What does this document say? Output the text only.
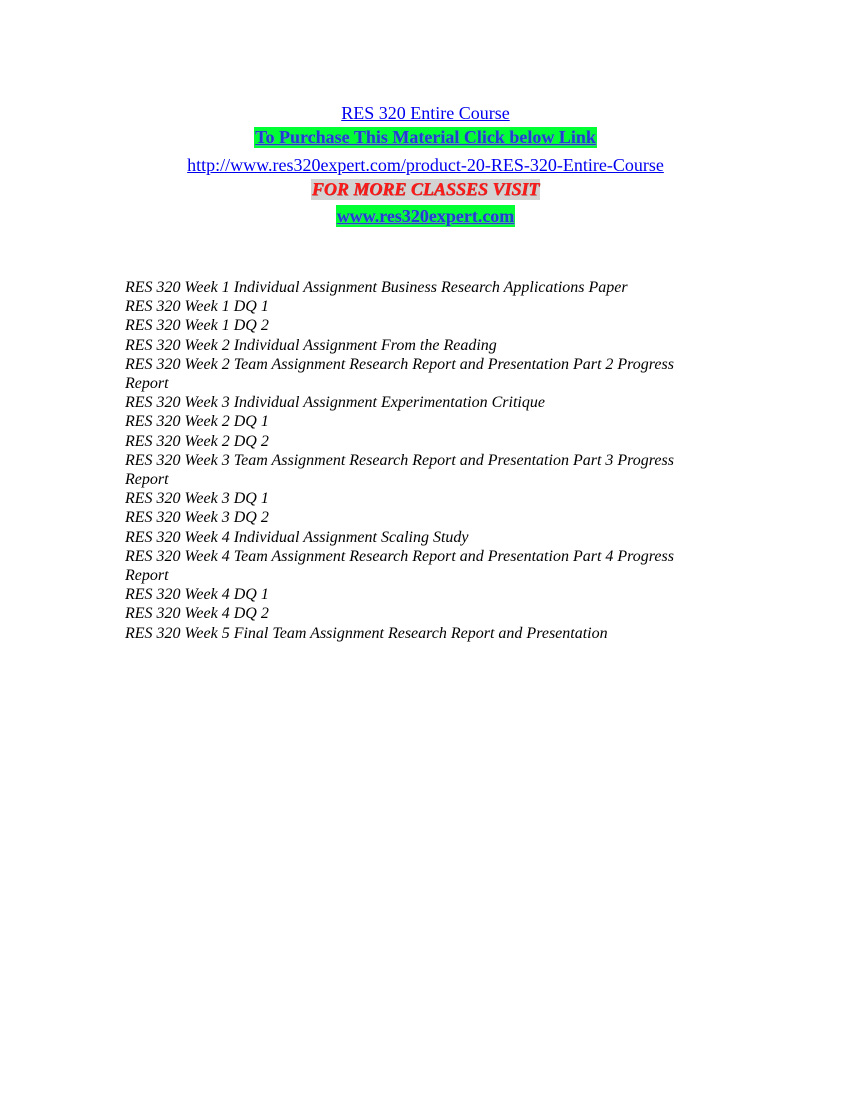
RES 320 Entire Course
To Purchase This Material Click below Link
http://www.res320expert.com/product-20-RES-320-Entire-Course
FOR MORE CLASSES VISIT
www.res320expert.com
RES 320 Week 1 Individual Assignment Business Research Applications Paper
RES 320 Week 1 DQ 1
RES 320 Week 1 DQ 2
RES 320 Week 2 Individual Assignment From the Reading
RES 320 Week 2 Team Assignment Research Report and Presentation Part 2 Progress Report
RES 320 Week 3 Individual Assignment Experimentation Critique
RES 320 Week 2 DQ 1
RES 320 Week 2 DQ 2
RES 320 Week 3 Team Assignment Research Report and Presentation Part 3 Progress Report
RES 320 Week 3 DQ 1
RES 320 Week 3 DQ 2
RES 320 Week 4 Individual Assignment Scaling Study
RES 320 Week 4 Team Assignment Research Report and Presentation Part 4 Progress Report
RES 320 Week 4 DQ 1
RES 320 Week 4 DQ 2
RES 320 Week 5 Final Team Assignment Research Report and Presentation
